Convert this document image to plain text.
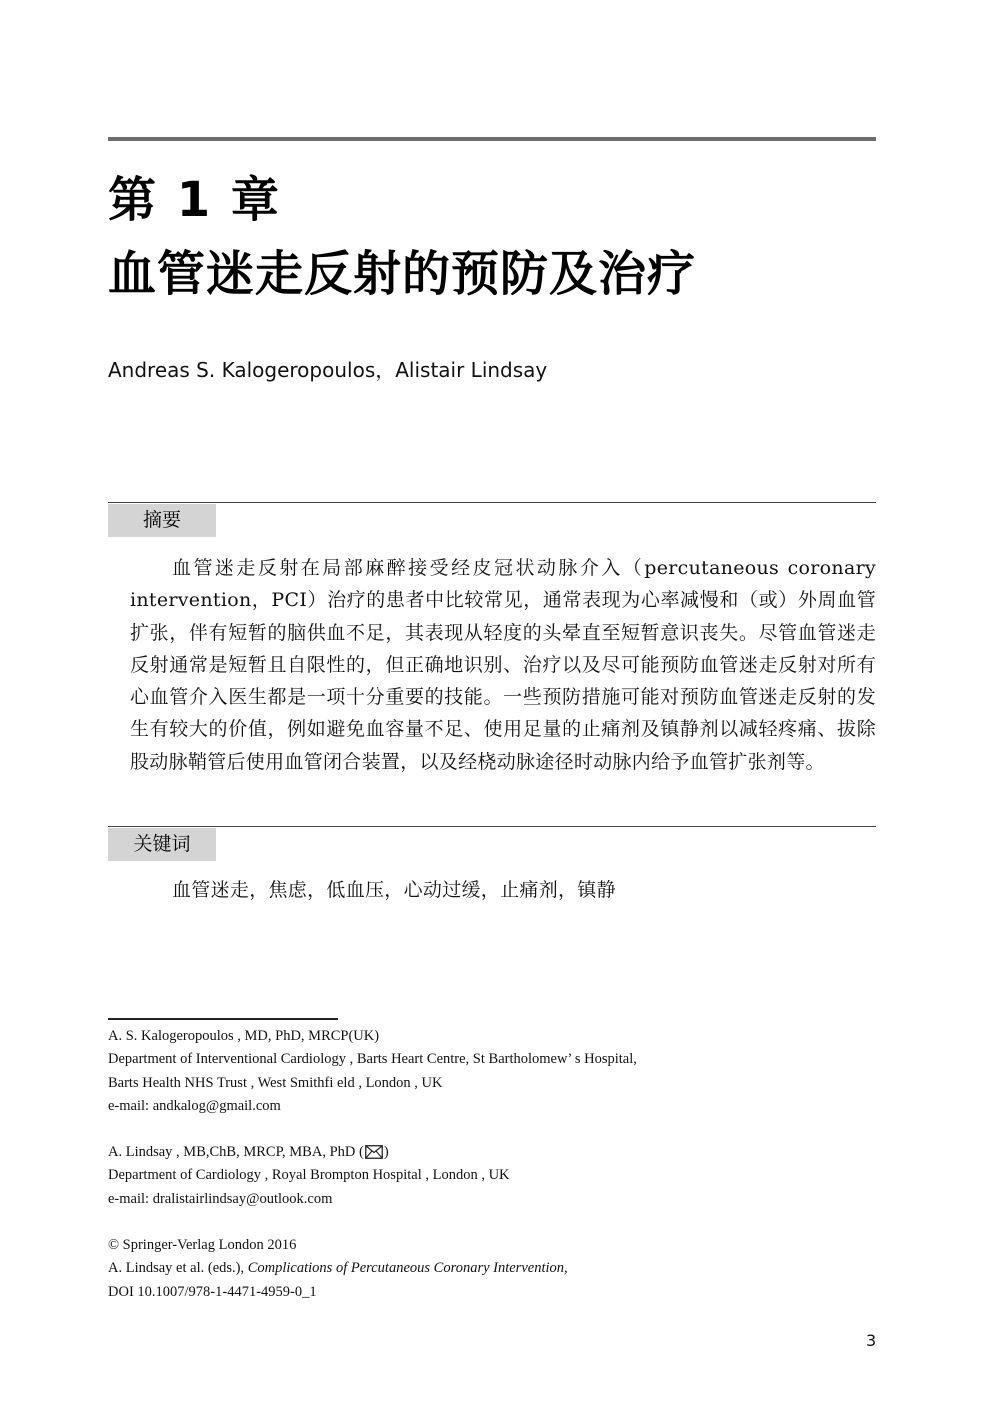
第 1 章
血管迷走反射的预防及治疗
Andreas S. Kalogeropoulos，Alistair Lindsay
摘要

血管迷走反射在局部麻醉接受经皮冠状动脉介入（percutaneous coronary intervention，PCI）治疗的患者中比较常见，通常表现为心率减慢和（或）外周血管扩张，伴有短暂的脑供血不足，其表现从轻度的头晕直至短暂意识丧失。尽管血管迷走反射通常是短暂且自限性的，但正确地识别、治疗以及尽可能预防血管迷走反射对所有心血管介入医生都是一项十分重要的技能。一些预防措施可能对预防血管迷走反射的发生有较大的价值，例如避免血容量不足、使用足量的止痛剂及镇静剂以减轻疼痛、拔除股动脉鞘管后使用血管闭合装置，以及经桡动脉途径时动脉内给予血管扩张剂等。

关键词
血管迷走，焦虑，低血压，心动过缓，止痛剂，镇静
A. S. Kalogeropoulos , MD, PhD, MRCP(UK)
Department of Interventional Cardiology , Barts Heart Centre, St Bartholomew’ s Hospital,
Barts Health NHS Trust , West Smithfi eld , London , UK
e-mail: andkalog@gmail.com
A. Lindsay , MB,ChB, MRCP, MBA, PhD ( )
Department of Cardiology , Royal Brompton Hospital , London , UK
e-mail: dralistairlindsay@outlook.com
© Springer-Verlag London 2016
A. Lindsay et al. (eds.), Complications of Percutaneous Coronary Intervention,
DOI 10.1007/978-1-4471-4959-0_1
3
